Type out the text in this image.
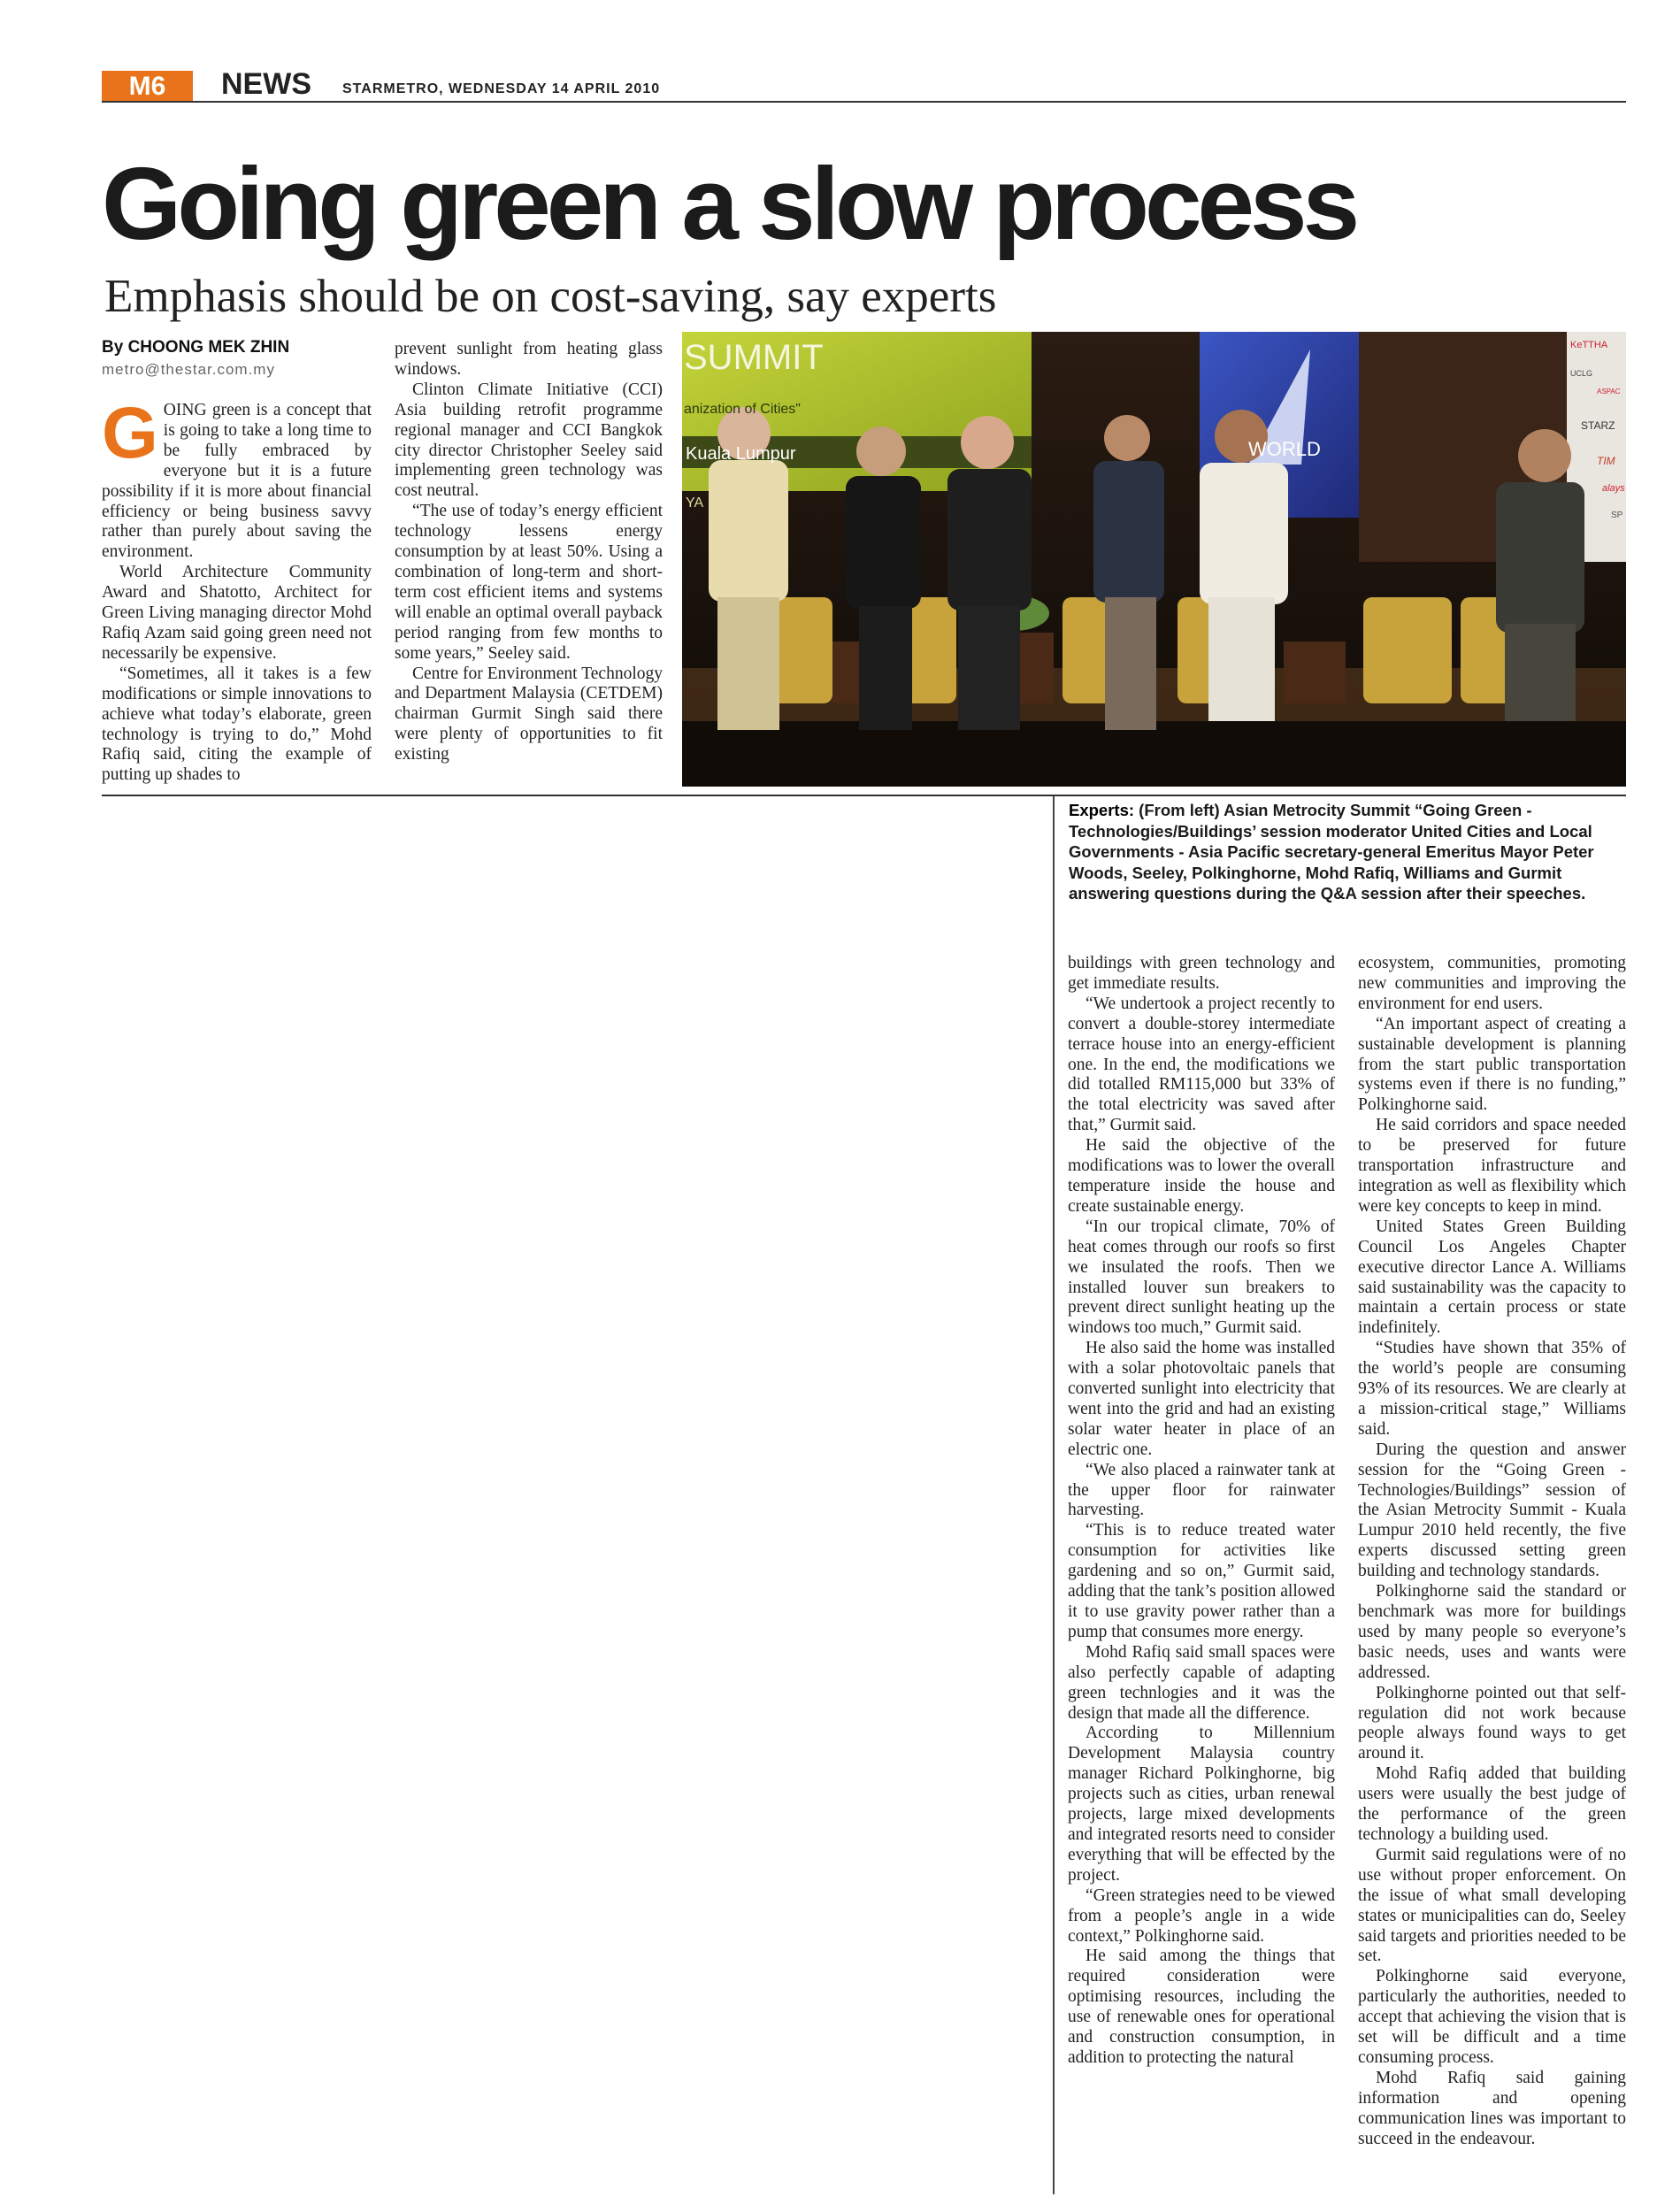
M6	NEWS STARMETRO, WEDNESDAY 14 APRIL 2010
Going green a slow process
Emphasis should be on cost-saving, say experts
By CHOONG MEK ZHIN
metro@thestar.com.my

GOING green is a concept that is going to take a long time to be fully embraced by everyone but it is a future possibility if it is more about financial efficiency or being business savvy rather than purely about saving the environment.

World Architecture Community Award and Shatotto, Architect for Green Living managing director Mohd Rafiq Azam said going green need not necessarily be expensive.

“Sometimes, all it takes is a few modifications or simple innovations to achieve what today’s elaborate, green technology is trying to do,” Mohd Rafiq said, citing the example of putting up shades to

prevent sunlight from heating glass windows.

Clinton Climate Initiative (CCI) Asia building retrofit programme regional manager and CCI Bangkok city director Christopher Seeley said implementing green technology was cost neutral.

“The use of today’s energy efficient technology lessens energy consumption by at least 50%. Using a combination of long-term and short-term cost efficient items and systems will enable an optimal overall payback period ranging from few months to some years,” Seeley said.

Centre for Environment Technology and Department Malaysia (CETDEM) chairman Gurmit Singh said there were plenty of opportunities to fit existing

SUMMIT
anization of Cities"
Kuala Lumpur
YA
WORLD
KeTTHA
UCLG
ASPAC
STARZ
TIM
alays
SP
Experts: (From left) Asian Metrocity Summit “Going Green - Technologies/Buildings’ session moderator United Cities and Local Governments - Asia Pacific secretary-general Emeritus Mayor Peter Woods, Seeley, Polkinghorne, Mohd Rafiq, Williams and Gurmit answering questions during the Q&A session after their speeches.

buildings with green technology and get immediate results.

“We undertook a project recently to convert a double-storey intermediate terrace house into an energy-efficient one. In the end, the modifications we did totalled RM115,000 but 33% of the total electricity was saved after that,” Gurmit said.

He said the objective of the modifications was to lower the overall temperature inside the house and create sustainable energy.

“In our tropical climate, 70% of heat comes through our roofs so first we insulated the roofs. Then we installed louver sun breakers to prevent direct sunlight heating up the windows too much,” Gurmit said.

He also said the home was installed with a solar photovoltaic panels that converted sunlight into electricity that went into the grid and had an existing solar water heater in place of an electric one.

“We also placed a rainwater tank at the upper floor for rainwater harvesting.

“This is to reduce treated water consumption for activities like gardening and so on,” Gurmit said, adding that the tank’s position allowed it to use gravity power rather than a pump that consumes more energy.

Mohd Rafiq said small spaces were also perfectly capable of adapting green technlogies and it was the design that made all the difference.

According to Millennium Development Malaysia country manager Richard Polkinghorne, big projects such as cities, urban renewal projects, large mixed developments and integrated resorts need to consider everything that will be effected by the project.

“Green strategies need to be viewed from a people’s angle in a wide context,” Polkinghorne said.

He said among the things that required consideration were optimising resources, including the use of renewable ones for operational and construction consumption, in addition to protecting the natural

ecosystem, communities, promoting new communities and improving the environment for end users.

“An important aspect of creating a sustainable development is planning from the start public transportation systems even if there is no funding,” Polkinghorne said.

He said corridors and space needed to be preserved for future transportation infrastructure and integration as well as flexibility which were key concepts to keep in mind.

United States Green Building Council Los Angeles Chapter executive director Lance A. Williams said sustainability was the capacity to maintain a certain process or state indefinitely.

“Studies have shown that 35% of the world’s people are consuming 93% of its resources. We are clearly at a mission-critical stage,” Williams said.

During the question and answer session for the “Going Green - Technologies/Buildings” session of the Asian Metrocity Summit - Kuala Lumpur 2010 held recently, the five experts discussed setting green building and technology standards.

Polkinghorne said the standard or benchmark was more for buildings used by many people so everyone’s basic needs, uses and wants were addressed.

Polkinghorne pointed out that self-regulation did not work because people always found ways to get around it.

Mohd Rafiq added that building users were usually the best judge of the performance of the green technology a building used.

Gurmit said regulations were of no use without proper enforcement. On the issue of what small developing states or municipalities can do, Seeley said targets and priorities needed to be set.

Polkinghorne said everyone, particularly the authorities, needed to accept that achieving the vision that is set will be difficult and a time consuming process.

Mohd Rafiq said gaining information and opening communication lines was important to succeed in the endeavour.
